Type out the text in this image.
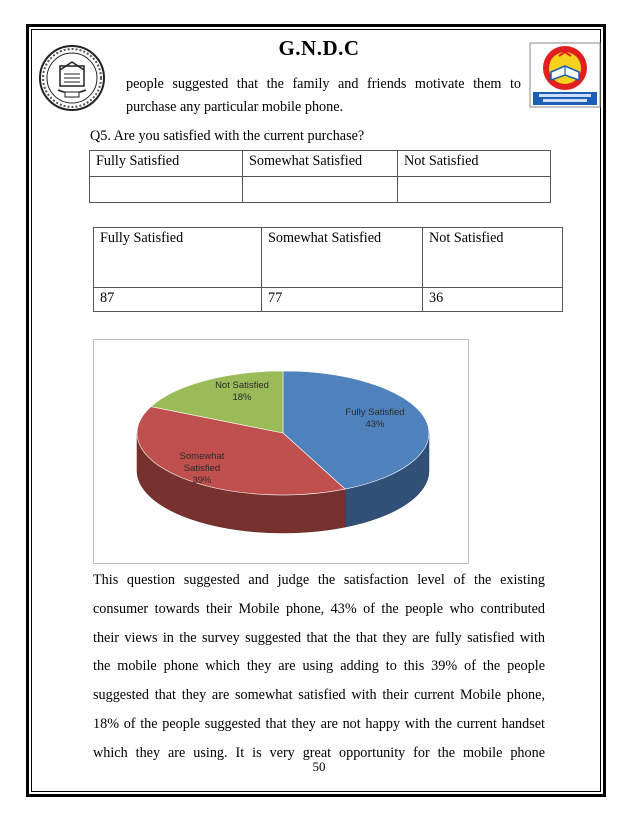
G.N.D.C
people suggested that the family and friends motivate them to
purchase any particular mobile phone.
Q5. Are you satisfied with the current purchase?
Fully Satisfied	Somewhat Satisfied	Not Satisfied

Fully Satisfied	Somewhat Satisfied	Not Satisfied
87	77	36
Fully Satisfied 43%
Somewhat Satisfied 39%
Not Satisfied 18%
This question suggested and judge the satisfaction level of the existing
consumer towards their Mobile phone, 43% of the people who contributed
their views in the survey suggested that the that they are fully satisfied with
the mobile phone which they are using adding to this 39% of the people
suggested that they are somewhat satisfied with their current Mobile phone,
18% of the people suggested that they are not happy with the current handset
which they are using. It is very great opportunity for the mobile phone
50
